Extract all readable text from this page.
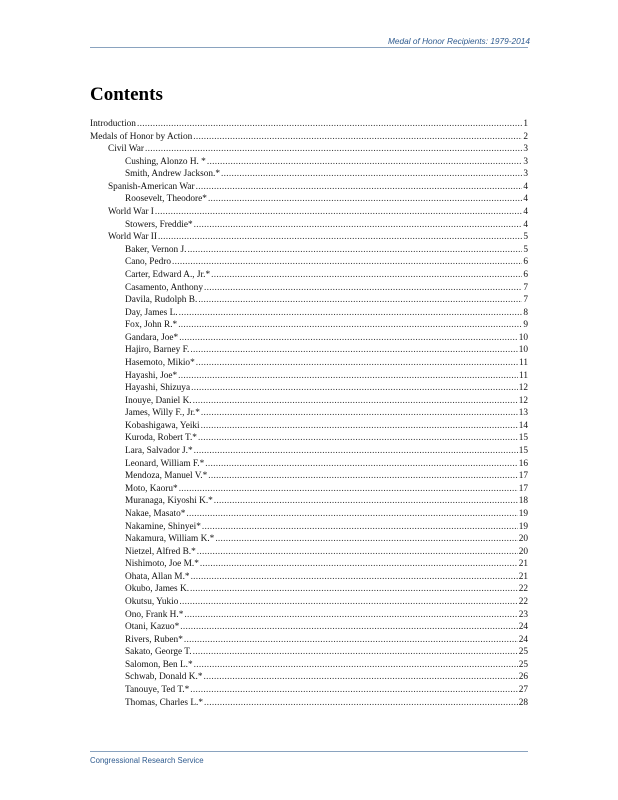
Medal of Honor Recipients: 1979-2014
Contents
Introduction .....	1
Medals of Honor by Action .....	2
Civil War .....	3
Cushing, Alonzo H. * .....	3
Smith, Andrew Jackson.* .....	3
Spanish-American War .....	4
Roosevelt, Theodore* .....	4
World War I .....	4
Stowers, Freddie* .....	4
World War II .....	5
Baker, Vernon J. .....	5
Cano, Pedro .....	6
Carter, Edward A., Jr.* .....	6
Casamento, Anthony .....	7
Davila, Rudolph B. .....	7
Day, James L. .....	8
Fox, John R.* .....	9
Gandara, Joe* .....	10
Hajiro, Barney F. .....	10
Hasemoto, Mikio* .....	11
Hayashi, Joe* .....	11
Hayashi, Shizuya .....	12
Inouye, Daniel K. .....	12
James, Willy F., Jr.* .....	13
Kobashigawa, Yeiki .....	14
Kuroda, Robert T.* .....	15
Lara, Salvador J.* .....	15
Leonard, William F.* .....	16
Mendoza, Manuel V.* .....	17
Moto, Kaoru* .....	17
Muranaga, Kiyoshi K.* .....	18
Nakae, Masato* .....	19
Nakamine, Shinyei* .....	19
Nakamura, William K.* .....	20
Nietzel, Alfred B.* .....	20
Nishimoto, Joe M.* .....	21
Ohata, Allan M.* .....	21
Okubo, James K. .....	22
Okutsu, Yukio .....	22
Ono, Frank H.* .....	23
Otani, Kazuo* .....	24
Rivers, Ruben* .....	24
Sakato, George T. .....	25
Salomon, Ben L.* .....	25
Schwab, Donald K.* .....	26
Tanouye, Ted T.* .....	27
Thomas, Charles L.* .....	28
Congressional Research Service
